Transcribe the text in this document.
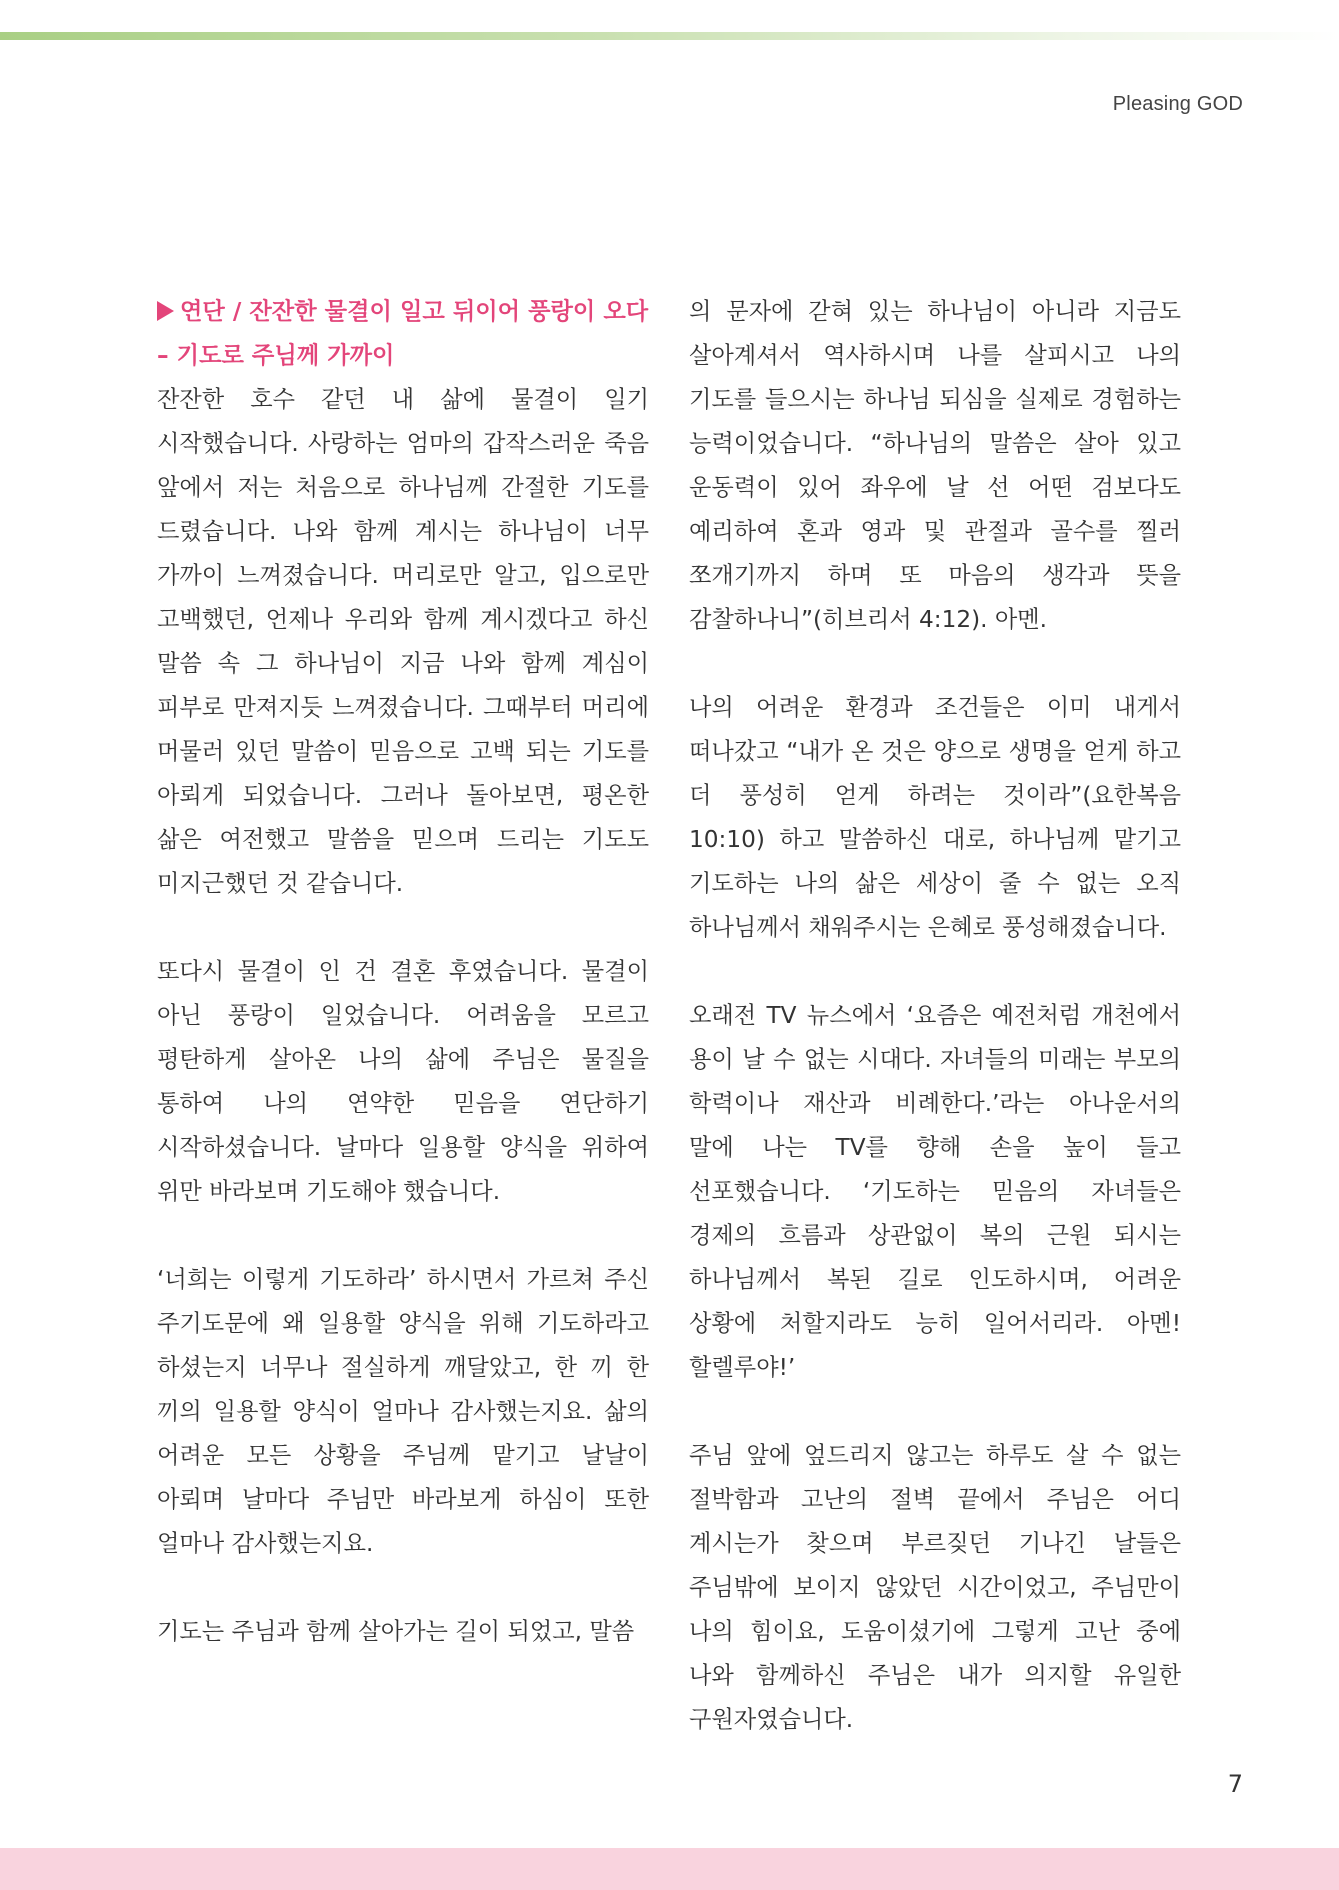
Pleasing GOD

연단 / 잔잔한 물결이 일고 뒤이어 풍랑이 오다

– 기도로 주님께 가까이

잔잔한 호수 같던 내 삶에 물결이 일기 시작했습니다. 사랑하는 엄마의 갑작스러운 죽음 앞에서 저는 처음으로 하나님께 간절한 기도를 드렸습니다. 나와 함께 계시는 하나님이 너무 가까이 느껴졌습니다. 머리로만 알고, 입으로만 고백했던, 언제나 우리와 함께 계시겠다고 하신 말씀 속 그 하나님이 지금 나와 함께 계심이 피부로 만져지듯 느껴졌습니다. 그때부터 머리에 머물러 있던 말씀이 믿음으로 고백 되는 기도를 아뢰게 되었습니다. 그러나 돌아보면, 평온한 삶은 여전했고 말씀을 믿으며 드리는 기도도 미지근했던 것 같습니다.

또다시 물결이 인 건 결혼 후였습니다. 물결이 아닌 풍랑이 일었습니다. 어려움을 모르고 평탄하게 살아온 나의 삶에 주님은 물질을 통하여 나의 연약한 믿음을 연단하기 시작하셨습니다. 날마다 일용할 양식을 위하여 위만 바라보며 기도해야 했습니다.

‘너희는 이렇게 기도하라’ 하시면서 가르쳐 주신 주기도문에 왜 일용할 양식을 위해 기도하라고 하셨는지 너무나 절실하게 깨달았고, 한 끼 한 끼의 일용할 양식이 얼마나 감사했는지요. 삶의 어려운 모든 상황을 주님께 맡기고 날날이 아뢰며 날마다 주님만 바라보게 하심이 또한 얼마나 감사했는지요.

기도는 주님과 함께 살아가는 길이 되었고, 말씀

의 문자에 갇혀 있는 하나님이 아니라 지금도 살아계셔서 역사하시며 나를 살피시고 나의 기도를 들으시는 하나님 되심을 실제로 경험하는 능력이었습니다. “하나님의 말씀은 살아 있고 운동력이 있어 좌우에 날 선 어떤 검보다도 예리하여 혼과 영과 및 관절과 골수를 찔러 쪼개기까지 하며 또 마음의 생각과 뜻을 감찰하나니”(히브리서 4:12). 아멘.

나의 어려운 환경과 조건들은 이미 내게서 떠나갔고 “내가 온 것은 양으로 생명을 얻게 하고 더 풍성히 얻게 하려는 것이라”(요한복음 10:10) 하고 말씀하신 대로, 하나님께 맡기고 기도하는 나의 삶은 세상이 줄 수 없는 오직 하나님께서 채워주시는 은혜로 풍성해졌습니다.

오래전 TV 뉴스에서 ‘요즘은 예전처럼 개천에서 용이 날 수 없는 시대다. 자녀들의 미래는 부모의 학력이나 재산과 비례한다.’라는 아나운서의 말에 나는 TV를 향해 손을 높이 들고 선포했습니다. ‘기도하는 믿음의 자녀들은 경제의 흐름과 상관없이 복의 근원 되시는 하나님께서 복된 길로 인도하시며, 어려운 상황에 처할지라도 능히 일어서리라. 아멘! 할렐루야!’

주님 앞에 엎드리지 않고는 하루도 살 수 없는 절박함과 고난의 절벽 끝에서 주님은 어디 계시는가 찾으며 부르짖던 기나긴 날들은 주님밖에 보이지 않았던 시간이었고, 주님만이 나의 힘이요, 도움이셨기에 그렇게 고난 중에 나와 함께하신 주님은 내가 의지할 유일한 구원자였습니다.

7
